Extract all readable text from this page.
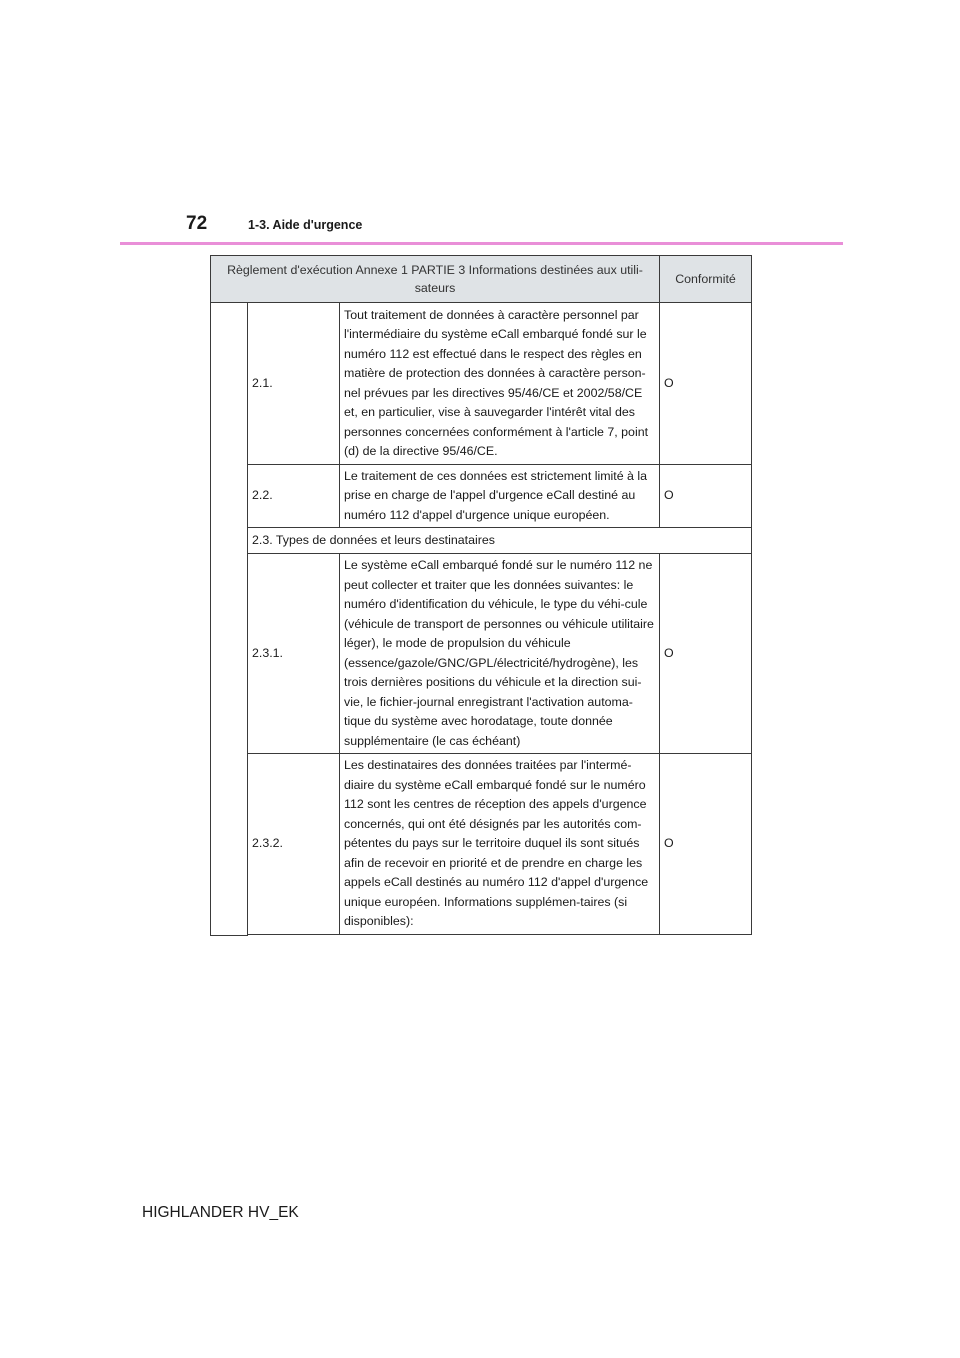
72	1-3. Aide d'urgence
Règlement d'exécution Annexe 1 PARTIE 3 Informations destinées aux utili-sateurs			Conformité
	2.1.	Tout traitement de données à caractère personnel par l'intermédiaire du système eCall embarqué fondé sur le numéro 112 est effectué dans le respect des règles en matière de protection des données à caractère person-nel prévues par les directives 95/46/CE et 2002/58/CE et, en particulier, vise à sauvegarder l'intérêt vital des personnes concernées conformément à l'article 7, point (d) de la directive 95/46/CE.	O
	2.2.	Le traitement de ces données est strictement limité à la prise en charge de l'appel d'urgence eCall destiné au numéro 112 d'appel d'urgence unique européen.	O
	2.3. Types de données et leurs destinataires		
	2.3.1.	Le système eCall embarqué fondé sur le numéro 112 ne peut collecter et traiter que les données suivantes: le numéro d'identification du véhicule, le type du véhi-cule (véhicule de transport de personnes ou véhicule utilitaire léger), le mode de propulsion du véhicule (essence/gazole/GNC/GPL/électricité/hydrogène), les trois dernières positions du véhicule et la direction sui-vie, le fichier-journal enregistrant l'activation automa-tique du système avec horodatage, toute donnée supplémentaire (le cas échéant)	O
	2.3.2.	Les destinataires des données traitées par l'intermé-diaire du système eCall embarqué fondé sur le numéro 112 sont les centres de réception des appels d'urgence concernés, qui ont été désignés par les autorités com-pétentes du pays sur le territoire duquel ils sont situés afin de recevoir en priorité et de prendre en charge les appels eCall destinés au numéro 112 d'appel d'urgence unique européen. Informations supplémen-taires (si disponibles):	O

HIGHLANDER HV_EK
